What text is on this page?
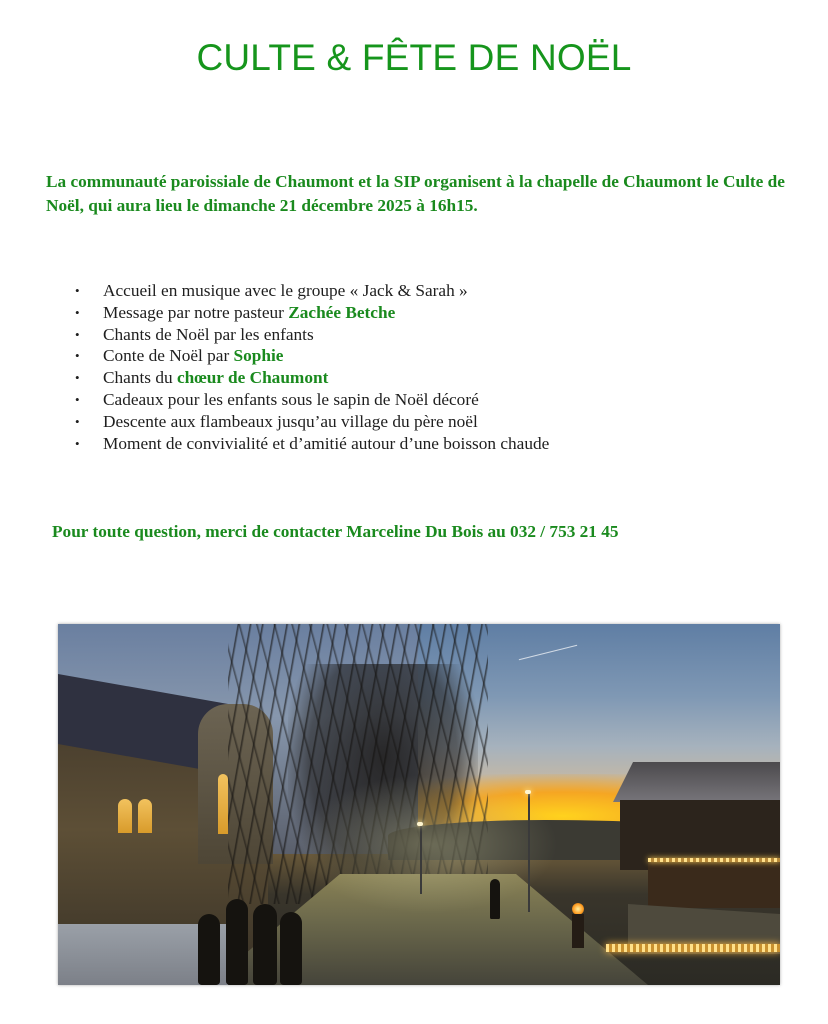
CULTE & FÊTE DE NOËL

La communauté paroissiale de Chaumont et la SIP organisent à la chapelle de Chaumont le Culte de Noël, qui aura lieu le dimanche 21 décembre 2025 à 16h15.

• Accueil en musique avec le groupe « Jack & Sarah »
• Message par notre pasteur Zachée Betche
• Chants de Noël par les enfants
• Conte de Noël par Sophie
• Chants du chœur de Chaumont
• Cadeaux pour les enfants sous le sapin de Noël décoré
• Descente aux flambeaux jusqu’au village du père noël
• Moment de convivialité et d’amitié autour d’une boisson chaude

Pour toute question, merci de contacter Marceline Du Bois au 032 / 753 21 45
